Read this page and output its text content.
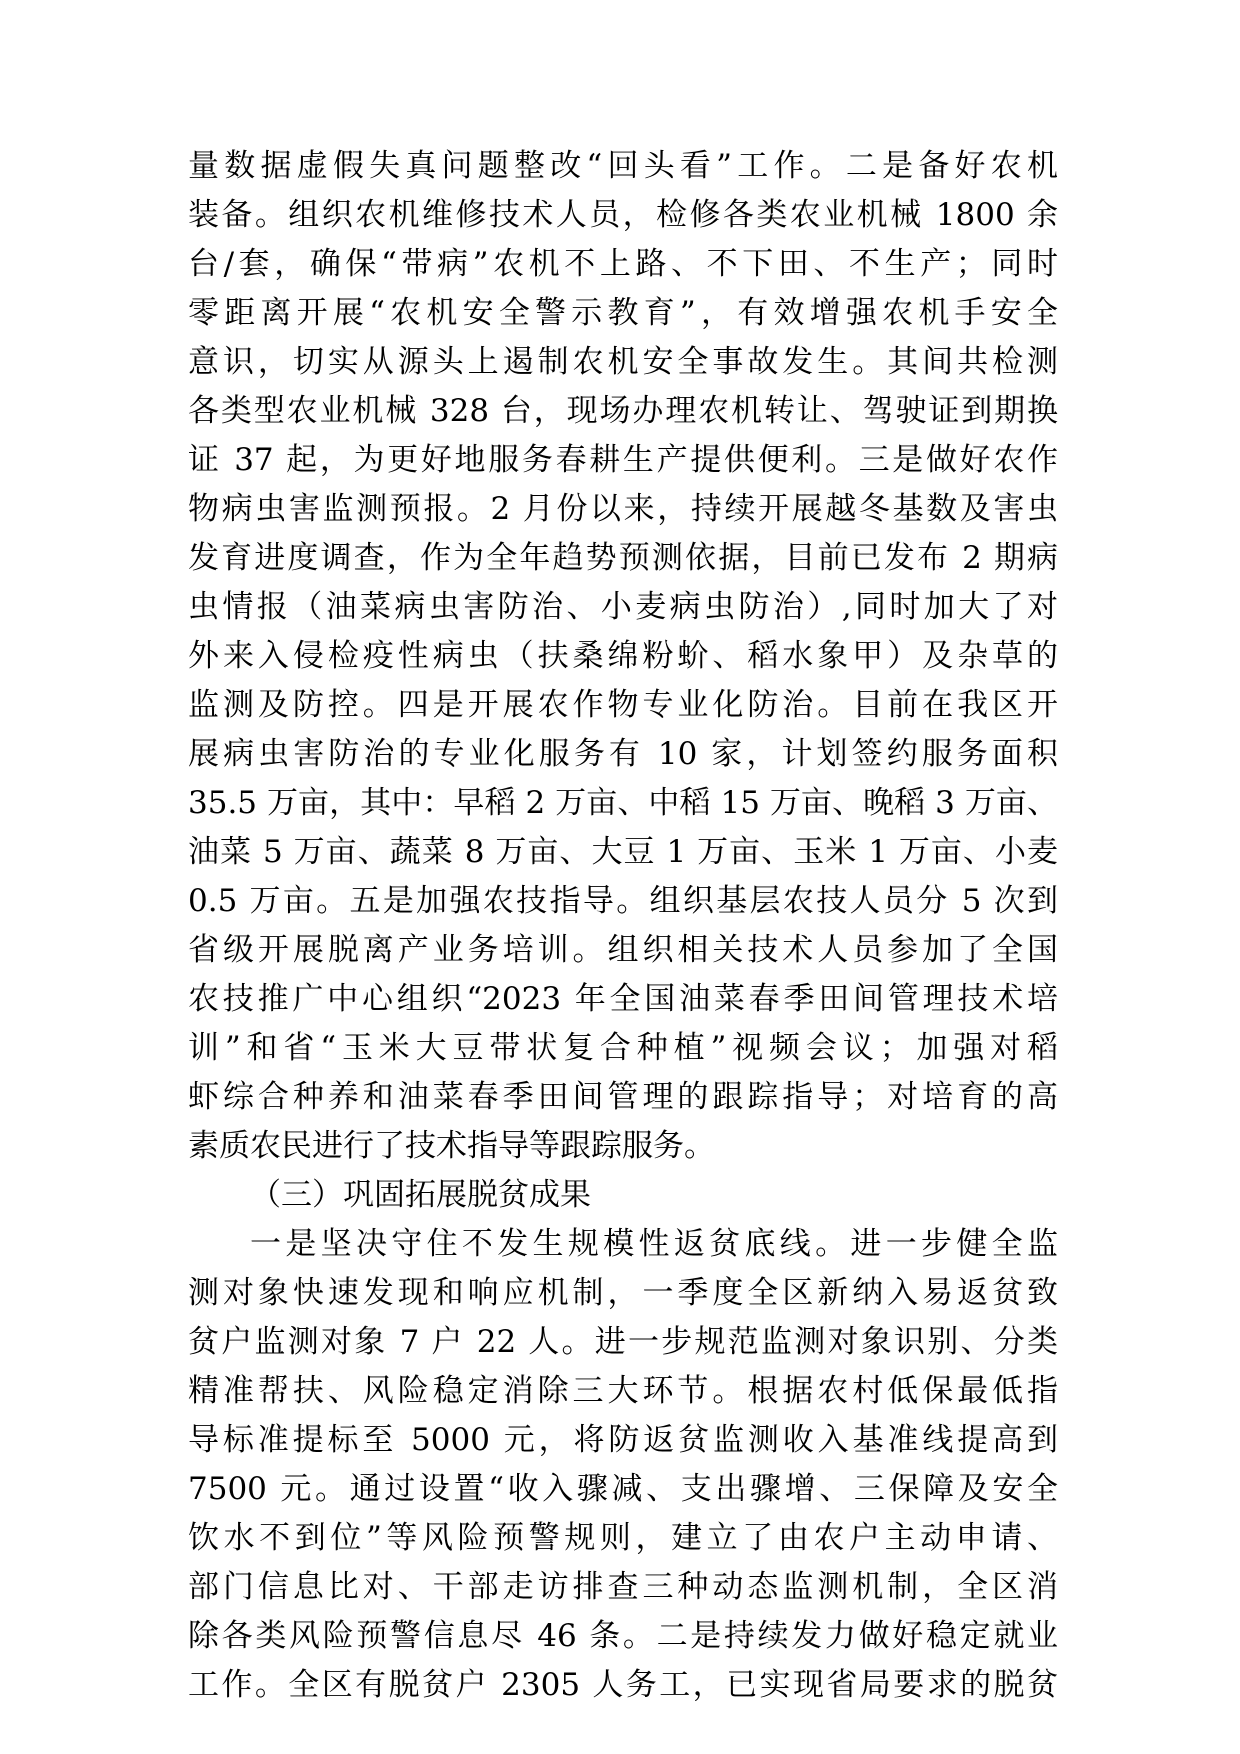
量数据虚假失真问题整改“回头看”工作。二是备好农机
装备。组织农机维修技术人员，检修各类农业机械 1800 余
台/套，确保“带病”农机不上路、不下田、不生产；同时
零距离开展“农机安全警示教育”，有效增强农机手安全
意识，切实从源头上遏制农机安全事故发生。其间共检测
各类型农业机械 328 台，现场办理农机转让、驾驶证到期换
证 37 起，为更好地服务春耕生产提供便利。三是做好农作
物病虫害监测预报。2 月份以来，持续开展越冬基数及害虫
发育进度调查，作为全年趋势预测依据，目前已发布 2 期病
虫情报（油菜病虫害防治、小麦病虫防治）,同时加大了对
外来入侵检疫性病虫（扶桑绵粉蚧、稻水象甲）及杂草的
监测及防控。四是开展农作物专业化防治。目前在我区开
展病虫害防治的专业化服务有 10 家，计划签约服务面积
35.5 万亩，其中：早稻 2 万亩、中稻 15 万亩、晚稻 3 万亩、
油菜 5 万亩、蔬菜 8 万亩、大豆 1 万亩、玉米 1 万亩、小麦
0.5 万亩。五是加强农技指导。组织基层农技人员分 5 次到
省级开展脱离产业务培训。组织相关技术人员参加了全国
农技推广中心组织“2023 年全国油菜春季田间管理技术培
训”和省“玉米大豆带状复合种植”视频会议；加强对稻
虾综合种养和油菜春季田间管理的跟踪指导；对培育的高
素质农民进行了技术指导等跟踪服务。
（三）巩固拓展脱贫成果
一是坚决守住不发生规模性返贫底线。进一步健全监
测对象快速发现和响应机制，一季度全区新纳入易返贫致
贫户监测对象 7 户 22 人。进一步规范监测对象识别、分类
精准帮扶、风险稳定消除三大环节。根据农村低保最低指
导标准提标至 5000 元，将防返贫监测收入基准线提高到
7500 元。通过设置“收入骤减、支出骤增、三保障及安全
饮水不到位”等风险预警规则，建立了由农户主动申请、
部门信息比对、干部走访排查三种动态监测机制，全区消
除各类风险预警信息尽 46 条。二是持续发力做好稳定就业
工作。全区有脱贫户 2305 人务工，已实现省局要求的脱贫
